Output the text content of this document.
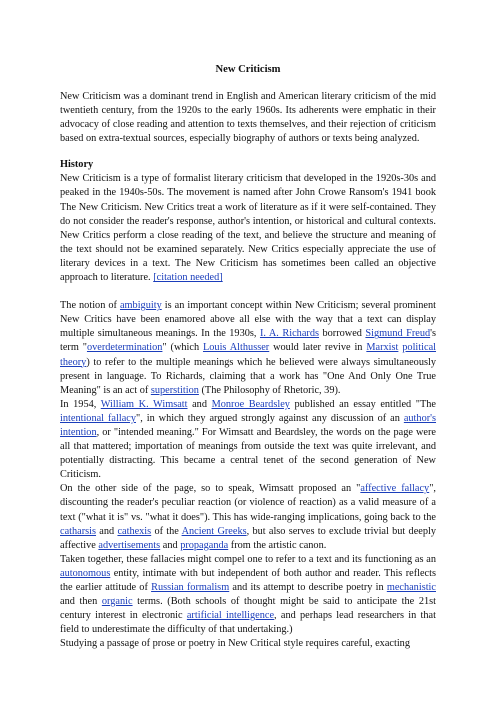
New Criticism

New Criticism was a dominant trend in English and American literary criticism of the mid twentieth century, from the 1920s to the early 1960s. Its adherents were emphatic in their advocacy of close reading and attention to texts themselves, and their rejection of criticism based on extra-textual sources, especially biography of authors or texts being analyzed.

History

New Criticism is a type of formalist literary criticism that developed in the 1920s-30s and peaked in the 1940s-50s. The movement is named after John Crowe Ransom's 1941 book The New Criticism. New Critics treat a work of literature as if it were self-contained. They do not consider the reader's response, author's intention, or historical and cultural contexts. New Critics perform a close reading of the text, and believe the structure and meaning of the text should not be examined separately. New Critics especially appreciate the use of literary devices in a text. The New Criticism has sometimes been called an objective approach to literature. [citation needed]

The notion of ambiguity is an important concept within New Criticism; several prominent New Critics have been enamored above all else with the way that a text can display multiple simultaneous meanings. In the 1930s, I. A. Richards borrowed Sigmund Freud's term "overdetermination" (which Louis Althusser would later revive in Marxist political theory) to refer to the multiple meanings which he believed were always simultaneously present in language. To Richards, claiming that a work has "One And Only One True Meaning" is an act of superstition (The Philosophy of Rhetoric, 39).

In 1954, William K. Wimsatt and Monroe Beardsley published an essay entitled "The intentional fallacy", in which they argued strongly against any discussion of an author's intention, or "intended meaning." For Wimsatt and Beardsley, the words on the page were all that mattered; importation of meanings from outside the text was quite irrelevant, and potentially distracting. This became a central tenet of the second generation of New Criticism.

On the other side of the page, so to speak, Wimsatt proposed an "affective fallacy", discounting the reader's peculiar reaction (or violence of reaction) as a valid measure of a text ("what it is" vs. "what it does"). This has wide-ranging implications, going back to the catharsis and cathexis of the Ancient Greeks, but also serves to exclude trivial but deeply affective advertisements and propaganda from the artistic canon.

Taken together, these fallacies might compel one to refer to a text and its functioning as an autonomous entity, intimate with but independent of both author and reader. This reflects the earlier attitude of Russian formalism and its attempt to describe poetry in mechanistic and then organic terms. (Both schools of thought might be said to anticipate the 21st century interest in electronic artificial intelligence, and perhaps lead researchers in that field to underestimate the difficulty of that undertaking.)

Studying a passage of prose or poetry in New Critical style requires careful, exacting
